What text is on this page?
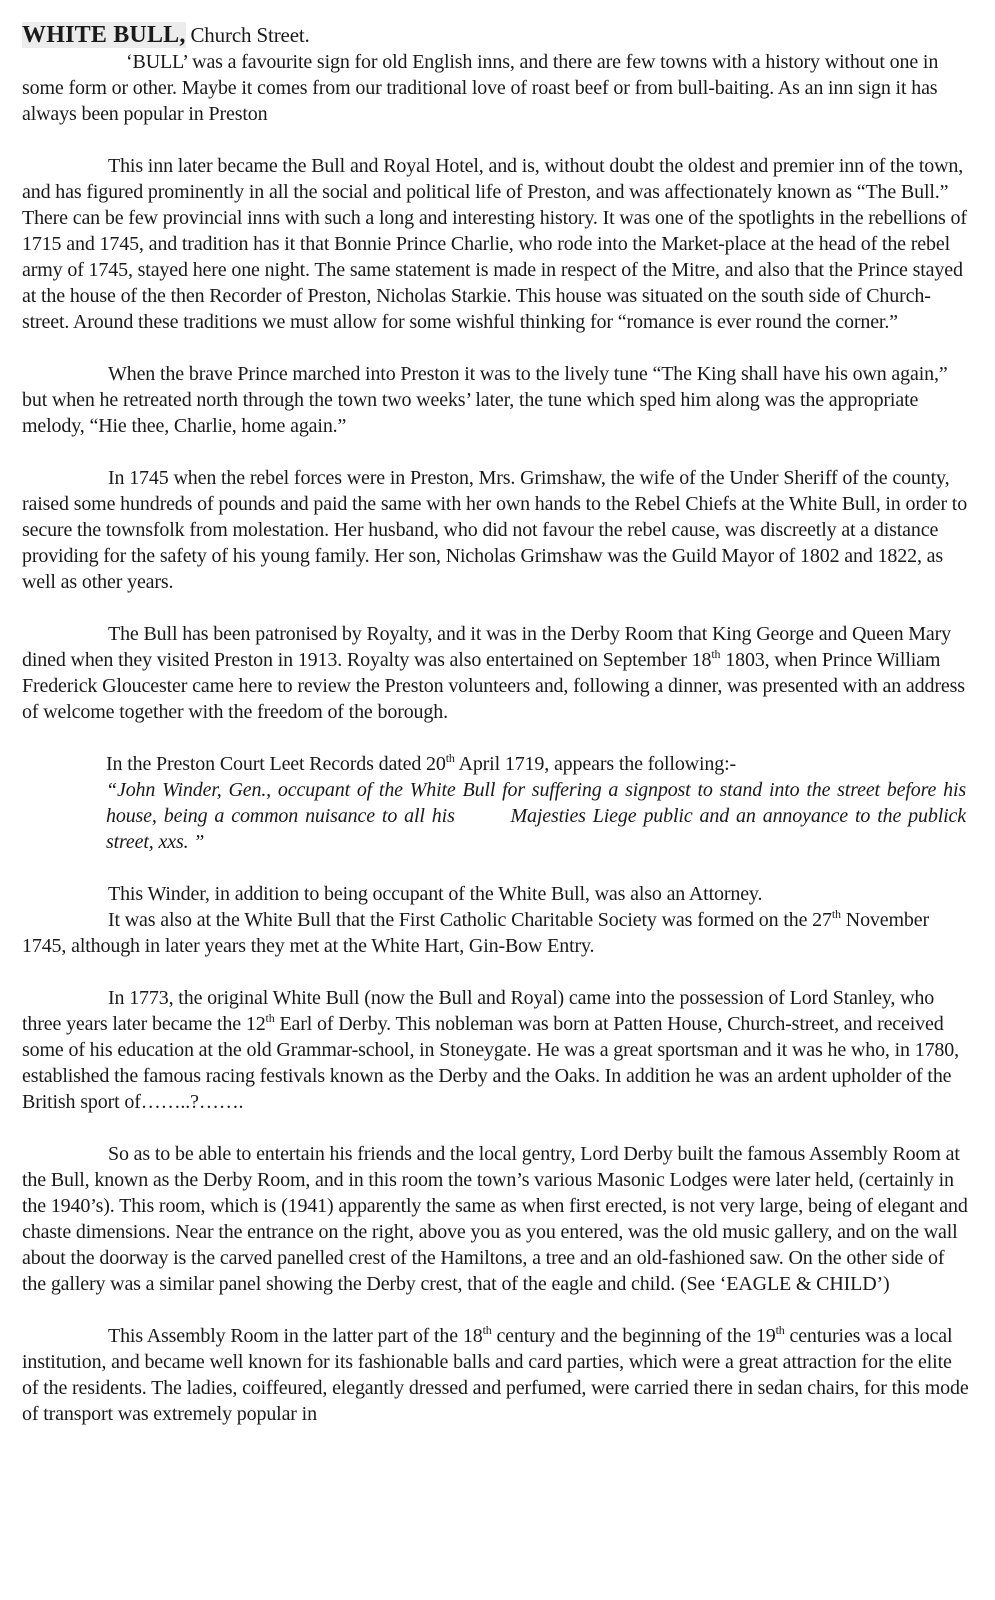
WHITE BULL, Church Street.

‘BULL’ was a favourite sign for old English inns, and there are few towns with a history without one in some form or other. Maybe it comes from our traditional love of roast beef or from bull-baiting. As an inn sign it has always been popular in Preston

This inn later became the Bull and Royal Hotel, and is, without doubt the oldest and premier inn of the town, and has figured prominently in all the social and political life of Preston, and was affectionately known as “The Bull.” There can be few provincial inns with such a long and interesting history. It was one of the spotlights in the rebellions of 1715 and 1745, and tradition has it that Bonnie Prince Charlie, who rode into the Market-place at the head of the rebel army of 1745, stayed here one night. The same statement is made in respect of the Mitre, and also that the Prince stayed at the house of the then Recorder of Preston, Nicholas Starkie. This house was situated on the south side of Church-street. Around these traditions we must allow for some wishful thinking for “romance is ever round the corner.”

When the brave Prince marched into Preston it was to the lively tune “The King shall have his own again,” but when he retreated north through the town two weeks’ later, the tune which sped him along was the appropriate melody, “Hie thee, Charlie, home again.”

In 1745 when the rebel forces were in Preston, Mrs. Grimshaw, the wife of the Under Sheriff of the county, raised some hundreds of pounds and paid the same with her own hands to the Rebel Chiefs at the White Bull, in order to secure the townsfolk from molestation. Her husband, who did not favour the rebel cause, was discreetly at a distance providing for the safety of his young family. Her son, Nicholas Grimshaw was the Guild Mayor of 1802 and 1822, as well as other years.

The Bull has been patronised by Royalty, and it was in the Derby Room that King George and Queen Mary dined when they visited Preston in 1913. Royalty was also entertained on September 18th 1803, when Prince William Frederick Gloucester came here to review the Preston volunteers and, following a dinner, was presented with an address of welcome together with the freedom of the borough.

In the Preston Court Leet Records dated 20th April 1719, appears the following:-

“John Winder, Gen., occupant of the White Bull for suffering a signpost to stand into the street before his house, being a common nuisance to all his        Majesties Liege public and an annoyance to the publick street, xxs. ”

This Winder, in addition to being occupant of the White Bull, was also an Attorney.

It was also at the White Bull that the First Catholic Charitable Society was formed on the 27th November 1745, although in later years they met at the White Hart, Gin-Bow Entry.

In 1773, the original White Bull (now the Bull and Royal) came into the possession of Lord Stanley, who three years later became the 12th Earl of Derby. This nobleman was born at Patten House, Church-street, and received some of his education at the old Grammar-school, in Stoneygate. He was a great sportsman and it was he who, in 1780, established the famous racing festivals known as the Derby and the Oaks. In addition he was an ardent upholder of the British sport of……..?…….

So as to be able to entertain his friends and the local gentry, Lord Derby built the famous Assembly Room at the Bull, known as the Derby Room, and in this room the town’s various Masonic Lodges were later held, (certainly in the 1940’s). This room, which is (1941) apparently the same as when first erected, is not very large, being of elegant and chaste dimensions. Near the entrance on the right, above you as you entered, was the old music gallery, and on the wall about the doorway is the carved panelled crest of the Hamiltons, a tree and an old-fashioned saw. On the other side of the gallery was a similar panel showing the Derby crest, that of the eagle and child. (See ‘EAGLE & CHILD’)

This Assembly Room in the latter part of the 18th century and the beginning of the 19th centuries was a local institution, and became well known for its fashionable balls and card parties, which were a great attraction for the elite of the residents. The ladies, coiffeured, elegantly dressed and perfumed, were carried there in sedan chairs, for this mode of transport was extremely popular in
